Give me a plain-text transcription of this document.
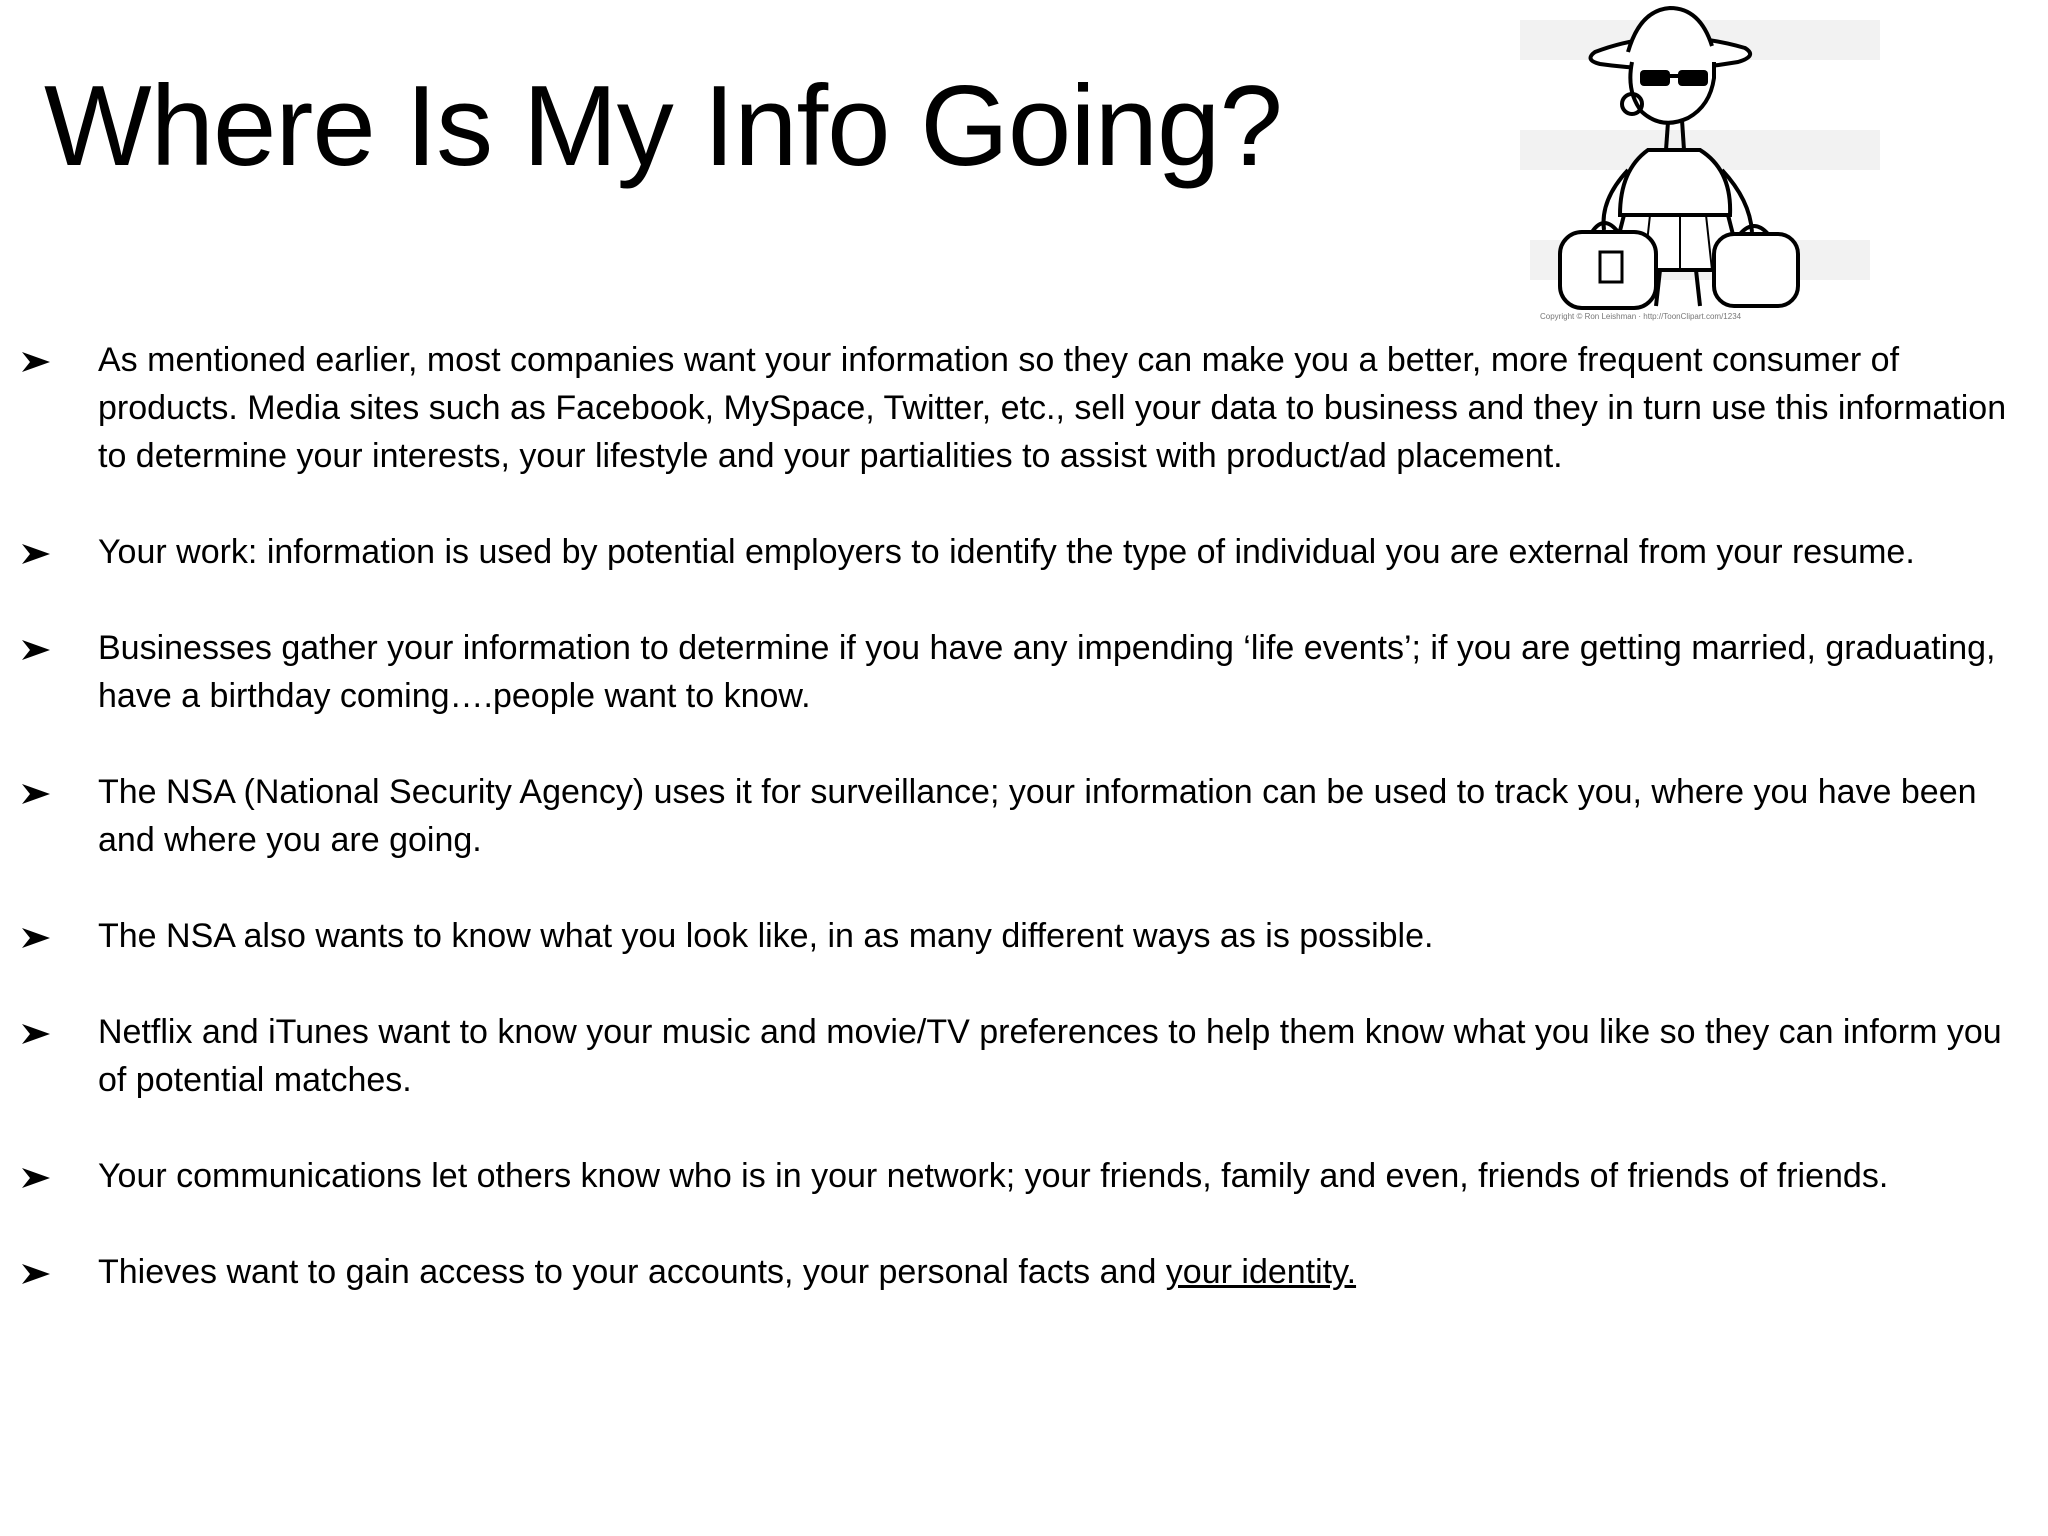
Where Is My Info Going?
Copyright © Ron Leishman · http://ToonClipart.com/1234
As mentioned earlier, most companies want your information so they can make you a better, more frequent consumer of products. Media sites such as Facebook, MySpace, Twitter, etc., sell your data to business and they in turn use this information to determine your interests, your lifestyle and your partialities to assist with product/ad placement.
Your work: information is used by potential employers to identify the type of individual you are external from your resume.
Businesses gather your information to determine if you have any impending ‘life events’; if you are getting married, graduating, have a birthday coming….people want to know.
The NSA (National Security Agency) uses it for surveillance; your information can be used to track you, where you have been and where you are going.
The NSA also wants to know what you look like, in as many different ways as is possible.
Netflix and iTunes want to know your music and movie/TV preferences to help them know what you like so they can inform you of potential matches.
Your communications let others know who is in your network; your friends, family and even, friends of friends of friends.
Thieves want to gain access to your accounts, your personal facts and your identity.
